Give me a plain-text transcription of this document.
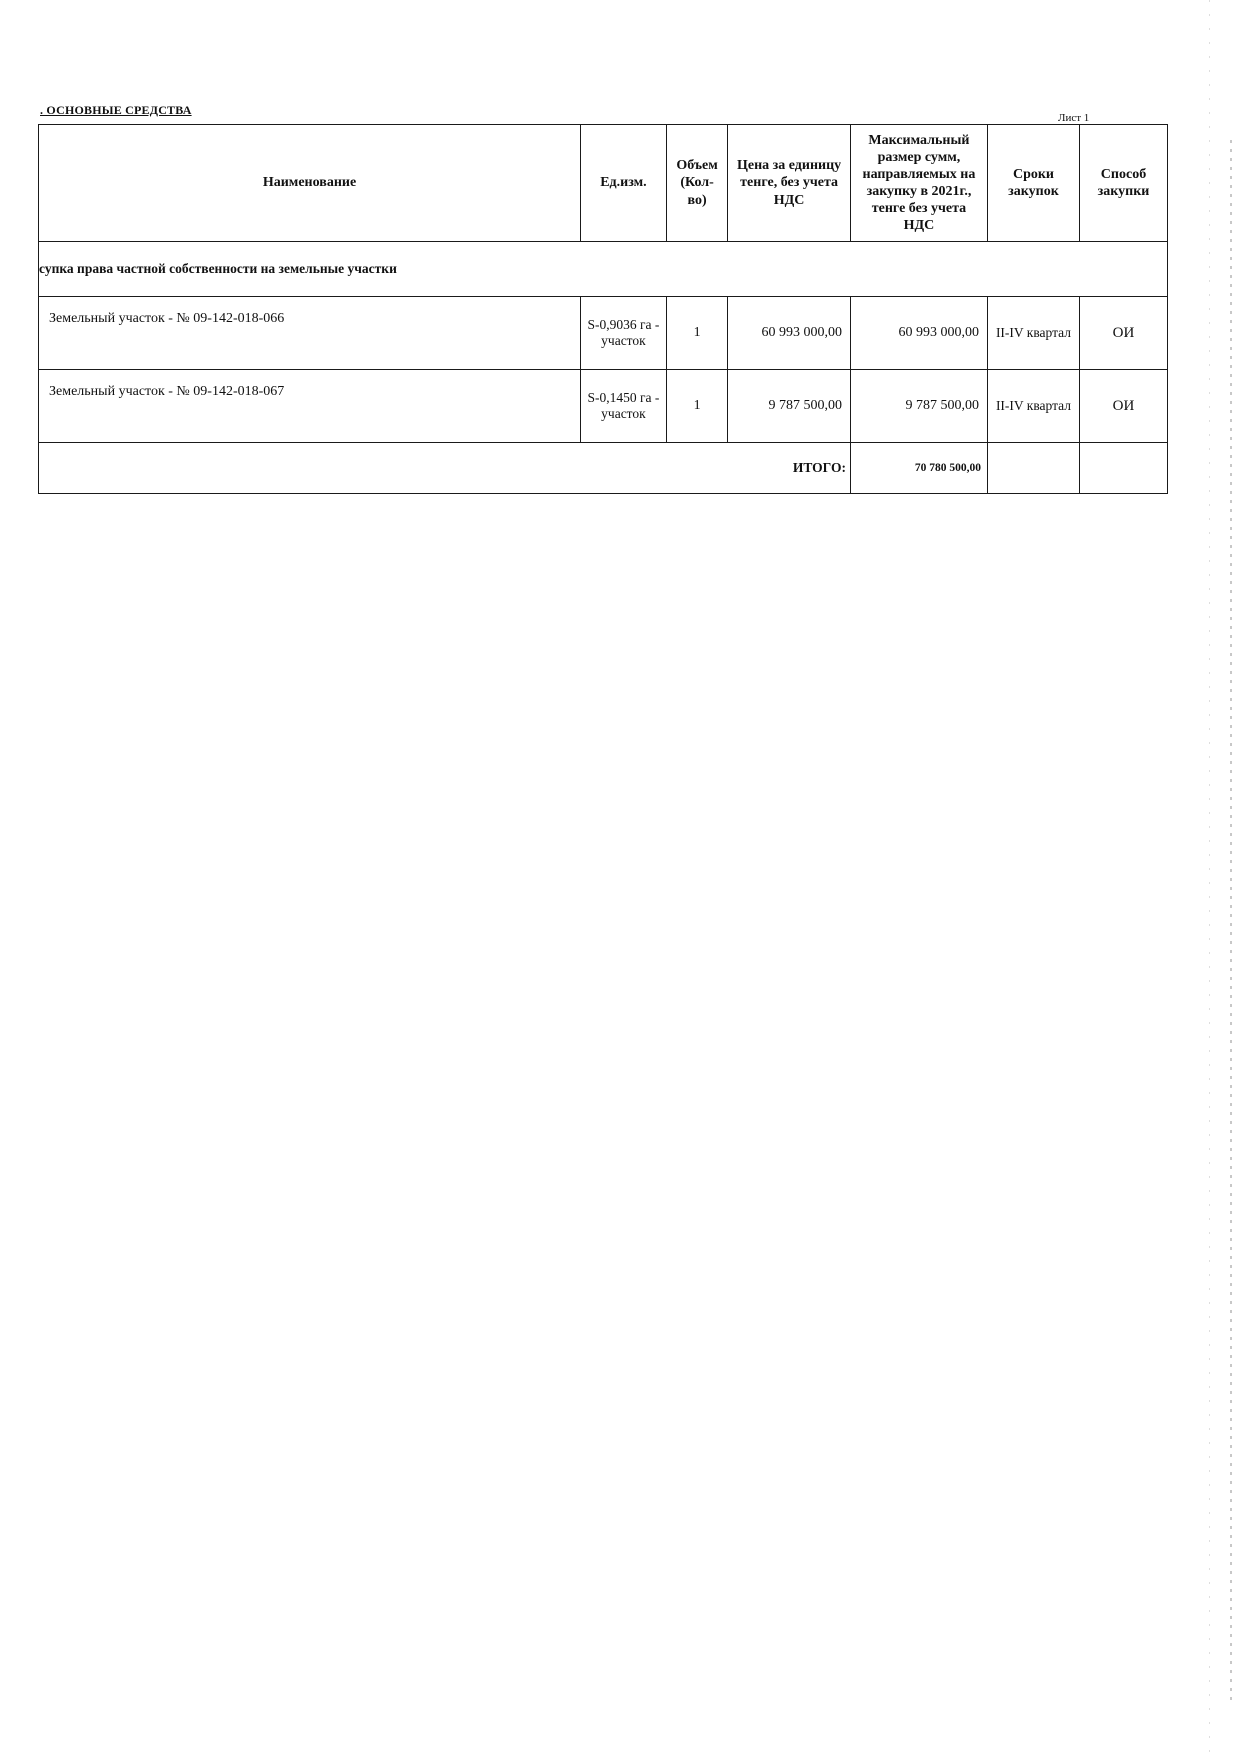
. ОСНОВНЫЕ СРЕДСТВА
Лист 1
Наименование	Ед.изм.	Объем (Кол-во)	Цена за единицу тенге, без учета НДС	Максимальный размер сумм, направляемых на закупку в 2021г., тенге без учета НДС	Сроки закупок	Способ закупки

супка права частной собственности на земельные участки						
Земельный участок - № 09-142-018-066	S-0,9036 га - участок	1	60 993 000,00	60 993 000,00	II-IV квартал	ОИ
Земельный участок - № 09-142-018-067	S-0,1450 га - участок	1	9 787 500,00	9 787 500,00	II-IV квартал	ОИ
ИТОГО:				70 780 500,00		
